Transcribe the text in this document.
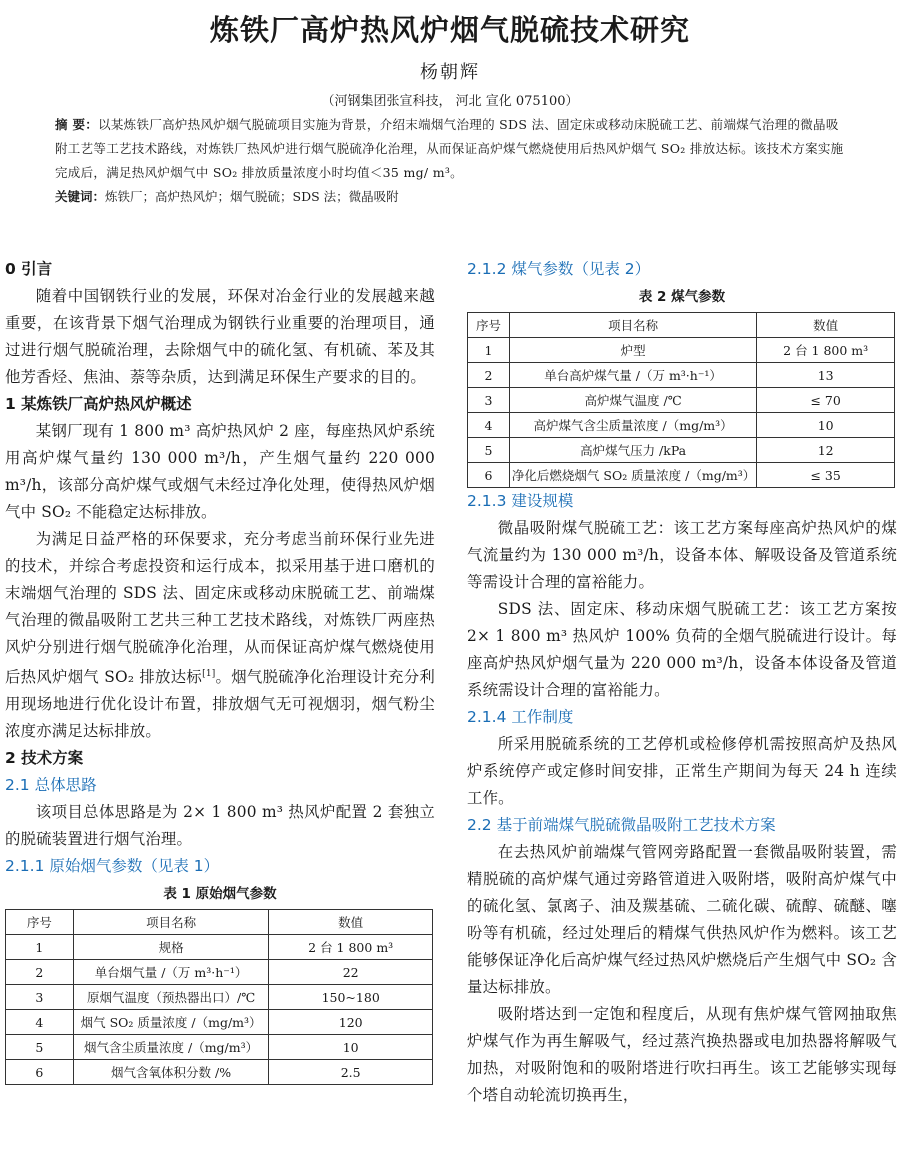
炼铁厂高炉热风炉烟气脱硫技术研究
杨朝辉
（河钢集团张宣科技， 河北 宣化 075100）
摘 要：以某炼铁厂高炉热风炉烟气脱硫项目实施为背景，介绍末端烟气治理的 SDS 法、固定床或移动床脱硫工艺、前端煤气治理的微晶吸附工艺等工艺技术路线，对炼铁厂热风炉进行烟气脱硫净化治理，从而保证高炉煤气燃烧使用后热风炉烟气 SO₂ 排放达标。该技术方案实施完成后，满足热风炉烟气中 SO₂ 排放质量浓度小时均值＜35 mg/ m³。
关键词：炼铁厂；高炉热风炉；烟气脱硫；SDS 法；微晶吸附
0 引言

随着中国钢铁行业的发展，环保对冶金行业的发展越来越重要，在该背景下烟气治理成为钢铁行业重要的治理项目，通过进行烟气脱硫治理，去除烟气中的硫化氢、有机硫、苯及其他芳香烃、焦油、萘等杂质，达到满足环保生产要求的目的。

1 某炼铁厂高炉热风炉概述

某钢厂现有 1 800 m³ 高炉热风炉 2 座，每座热风炉系统用高炉煤气量约 130 000 m³/h，产生烟气量约 220 000 m³/h，该部分高炉煤气或烟气未经过净化处理，使得热风炉烟气中 SO₂ 不能稳定达标排放。

为满足日益严格的环保要求，充分考虑当前环保行业先进的技术，并综合考虑投资和运行成本，拟采用基于进口磨机的末端烟气治理的 SDS 法、固定床或移动床脱硫工艺、前端煤气治理的微晶吸附工艺共三种工艺技术路线，对炼铁厂两座热风炉分别进行烟气脱硫净化治理，从而保证高炉煤气燃烧使用后热风炉烟气 SO₂ 排放达标[1]。烟气脱硫净化治理设计充分利用现场地进行优化设计布置，排放烟气无可视烟羽，烟气粉尘浓度亦满足达标排放。

2 技术方案
2.1 总体思路

该项目总体思路是为 2× 1 800 m³ 热风炉配置 2 套独立的脱硫装置进行烟气治理。

2.1.1 原始烟气参数（见表 1）
表 1 原始烟气参数
序号	项目名称	数值
1	规格	2 台 1 800 m³
2	单台烟气量 /（万 m³·h⁻¹）	22
3	原烟气温度（预热器出口）/℃	150~180
4	烟气 SO₂ 质量浓度 /（mg/m³）	120
5	烟气含尘质量浓度 /（mg/m³）	10
6	烟气含氧体积分数 /%	2.5
2.1.2 煤气参数（见表 2）
表 2 煤气参数
序号	项目名称	数值
1	炉型	2 台 1 800 m³
2	单台高炉煤气量 /（万 m³·h⁻¹）	13
3	高炉煤气温度 /℃	≤ 70
4	高炉煤气含尘质量浓度 /（mg/m³）	10
5	高炉煤气压力 /kPa	12
6	净化后燃烧烟气 SO₂ 质量浓度 /（mg/m³）	≤ 35
2.1.3 建设规模

微晶吸附煤气脱硫工艺：该工艺方案每座高炉热风炉的煤气流量约为 130 000 m³/h，设备本体、解吸设备及管道系统等需设计合理的富裕能力。

SDS 法、固定床、移动床烟气脱硫工艺：该工艺方案按 2× 1 800 m³ 热风炉 100% 负荷的全烟气脱硫进行设计。每座高炉热风炉烟气量为 220 000 m³/h，设备本体设备及管道系统需设计合理的富裕能力。

2.1.4 工作制度

所采用脱硫系统的工艺停机或检修停机需按照高炉及热风炉系统停产或定修时间安排，正常生产期间为每天 24 h 连续工作。

2.2 基于前端煤气脱硫微晶吸附工艺技术方案

在去热风炉前端煤气管网旁路配置一套微晶吸附装置，需精脱硫的高炉煤气通过旁路管道进入吸附塔，吸附高炉煤气中的硫化氢、氯离子、油及羰基硫、二硫化碳、硫醇、硫醚、噻吩等有机硫，经过处理后的精煤气供热风炉作为燃料。该工艺能够保证净化后高炉煤气经过热风炉燃烧后产生烟气中 SO₂ 含量达标排放。

吸附塔达到一定饱和程度后，从现有焦炉煤气管网抽取焦炉煤气作为再生解吸气，经过蒸汽换热器或电加热器将解吸气加热，对吸附饱和的吸附塔进行吹扫再生。该工艺能够实现每个塔自动轮流切换再生，
